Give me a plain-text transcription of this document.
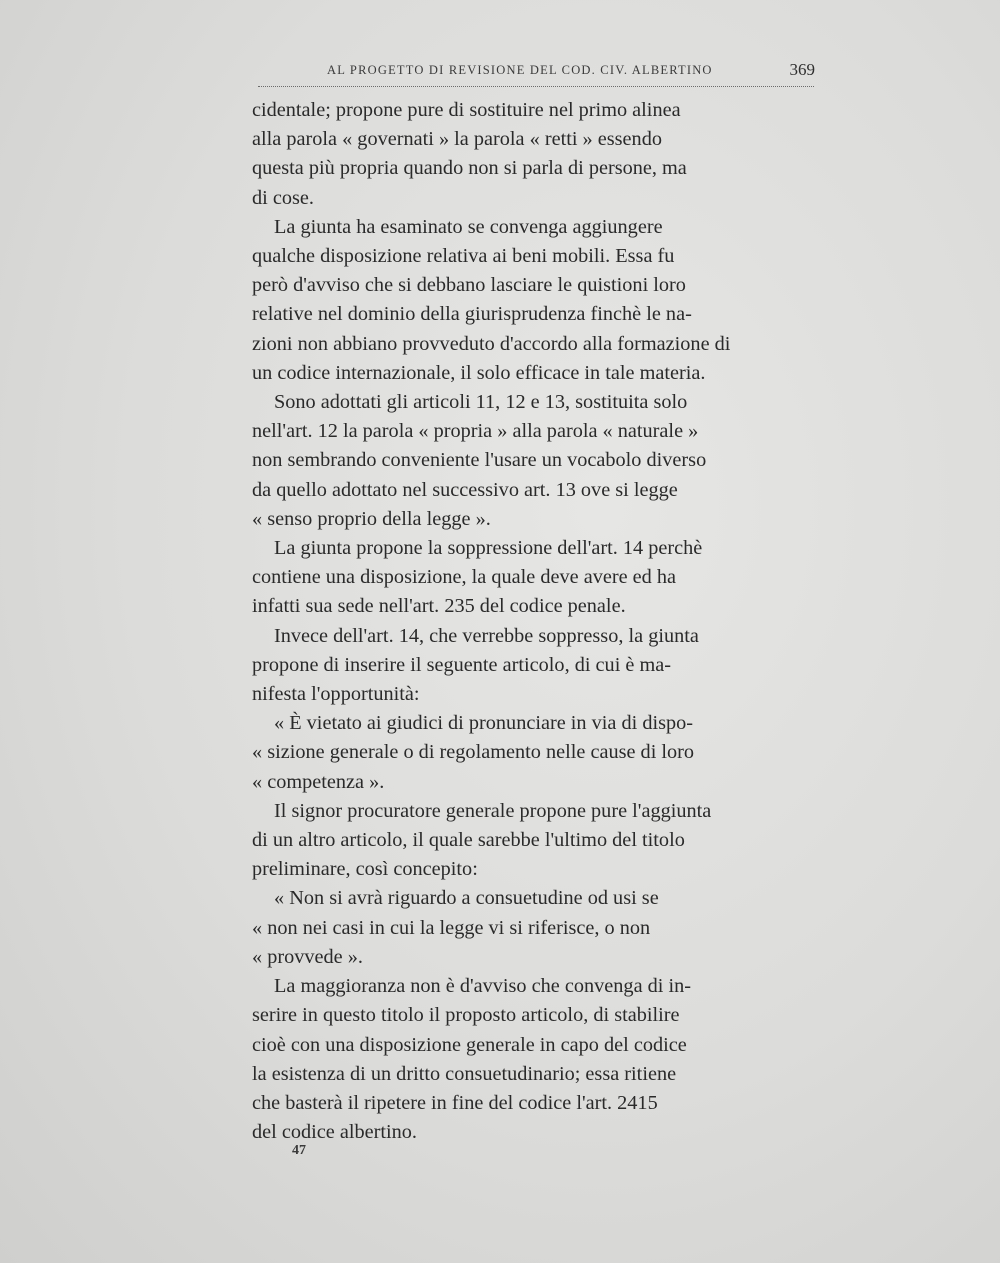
AL PROGETTO DI REVISIONE DEL COD. CIV. ALBERTINO	369

cidentale; propone pure di sostituire nel primo alinea
alla parola « governati » la parola « retti » essendo
questa più propria quando non si parla di persone, ma
di cose.

La giunta ha esaminato se convenga aggiungere
qualche disposizione relativa ai beni mobili. Essa fu
però d'avviso che si debbano lasciare le quistioni loro
relative nel dominio della giurisprudenza finchè le na-
zioni non abbiano provveduto d'accordo alla formazione di
un codice internazionale, il solo efficace in tale materia.

Sono adottati gli articoli 11, 12 e 13, sostituita solo
nell'art. 12 la parola « propria » alla parola « naturale »
non sembrando conveniente l'usare un vocabolo diverso
da quello adottato nel successivo art. 13 ove si legge
« senso proprio della legge ».

La giunta propone la soppressione dell'art. 14 perchè
contiene una disposizione, la quale deve avere ed ha
infatti sua sede nell'art. 235 del codice penale.

Invece dell'art. 14, che verrebbe soppresso, la giunta
propone di inserire il seguente articolo, di cui è ma-
nifesta l'opportunità:

« È vietato ai giudici di pronunciare in via di dispo-
« sizione generale o di regolamento nelle cause di loro
« competenza ».

Il signor procuratore generale propone pure l'aggiunta
di un altro articolo, il quale sarebbe l'ultimo del titolo
preliminare, così concepito:

« Non si avrà riguardo a consuetudine od usi se
« non nei casi in cui la legge vi si riferisce, o non
« provvede ».

La maggioranza non è d'avviso che convenga di in-
serire in questo titolo il proposto articolo, di stabilire
cioè con una disposizione generale in capo del codice
la esistenza di un dritto consuetudinario; essa ritiene
che basterà il ripetere in fine del codice l'art. 2415
del codice albertino.

47
